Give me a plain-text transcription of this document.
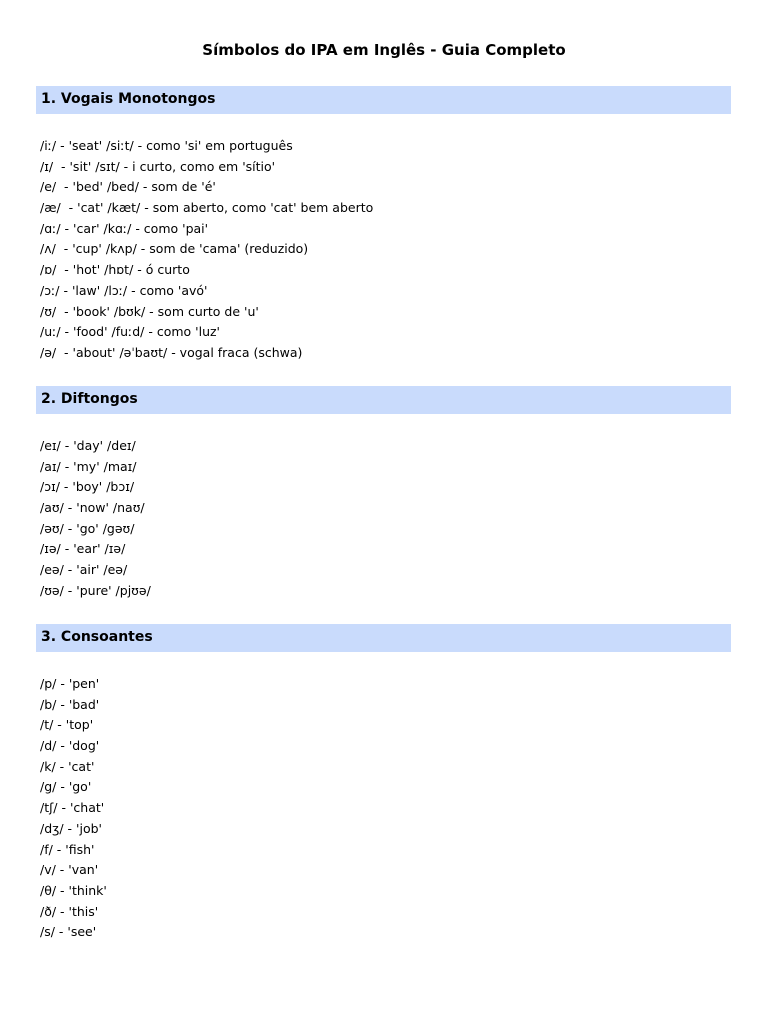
Símbolos do IPA em Inglês - Guia Completo
1. Vogais Monotongos
/iː/ - 'seat' /siːt/ - como 'si' em português
/ɪ/  - 'sit' /sɪt/ - i curto, como em 'sítio'
/e/  - 'bed' /bed/ - som de 'é'
/æ/  - 'cat' /kæt/ - som aberto, como 'cat' bem aberto
/ɑː/ - 'car' /kɑː/ - como 'pai'
/ʌ/  - 'cup' /kʌp/ - som de 'cama' (reduzido)
/ɒ/  - 'hot' /hɒt/ - ó curto
/ɔː/ - 'law' /lɔː/ - como 'avó'
/ʊ/  - 'book' /bʊk/ - som curto de 'u'
/uː/ - 'food' /fuːd/ - como 'luz'
/ə/  - 'about' /əˈbaʊt/ - vogal fraca (schwa)
2. Diftongos
/eɪ/ - 'day' /deɪ/
/aɪ/ - 'my' /maɪ/
/ɔɪ/ - 'boy' /bɔɪ/
/aʊ/ - 'now' /naʊ/
/əʊ/ - 'go' /gəʊ/
/ɪə/ - 'ear' /ɪə/
/eə/ - 'air' /eə/
/ʊə/ - 'pure' /pjʊə/
3. Consoantes
/p/ - 'pen'
/b/ - 'bad'
/t/ - 'top'
/d/ - 'dog'
/k/ - 'cat'
/g/ - 'go'
/tʃ/ - 'chat'
/dʒ/ - 'job'
/f/ - 'fish'
/v/ - 'van'
/θ/ - 'think'
/ð/ - 'this'
/s/ - 'see'
